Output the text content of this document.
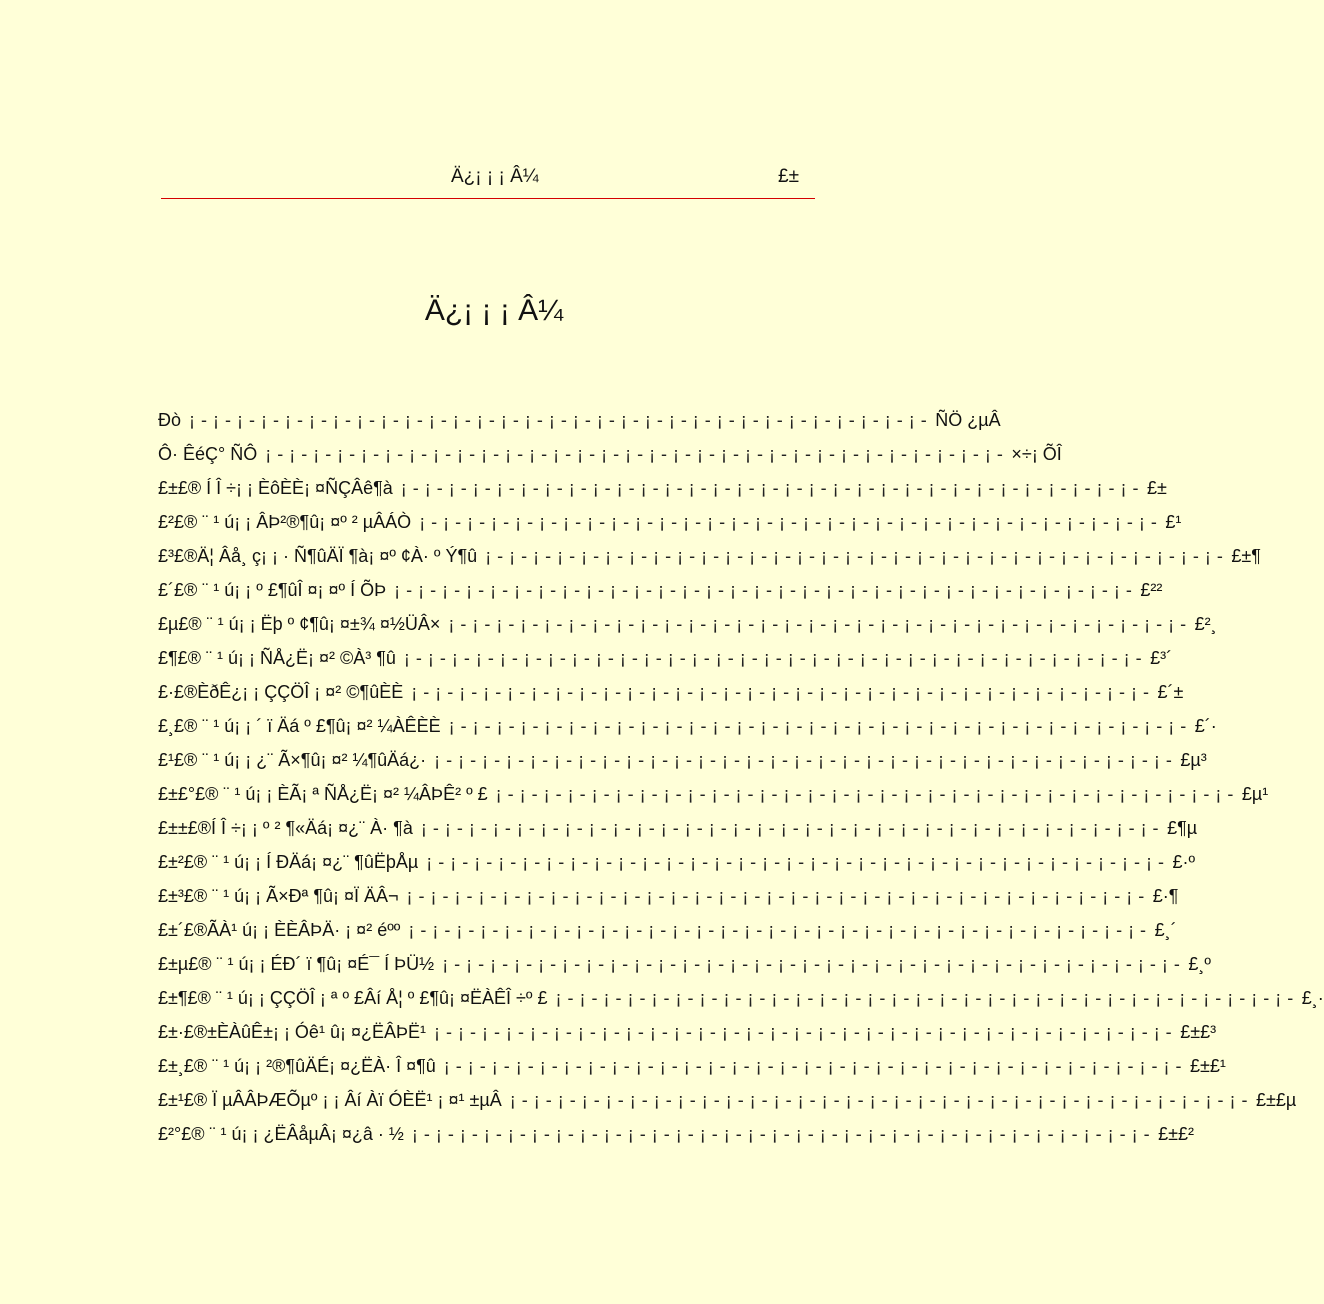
Ä¿¡ ¡ ¡ Â¼	£±
Ä¿¡ ¡ ¡ Â¼
Ðò ¡ - ¡ - ¡ - ¡ - ¡ - ¡ - ¡ - ¡ - ¡ - ¡ - ¡ - ¡ - ¡ - ¡ - ¡ - ¡ - ¡ - ¡ - ¡ - ¡ - ¡ - ¡ - ¡ - ¡ - ¡ - ¡ - ¡ - ¡ - ¡ - ¡ - ¡ - ÑÖ ¿µÂ
Ô· ÊéÇ° ÑÔ ¡ - ¡ - ¡ - ¡ - ¡ - ¡ - ¡ - ¡ - ¡ - ¡ - ¡ - ¡ - ¡ - ¡ - ¡ - ¡ - ¡ - ¡ - ¡ - ¡ - ¡ - ¡ - ¡ - ¡ - ¡ - ¡ - ¡ - ¡ - ¡ - ¡ - ¡ - ×÷¡ ÕÎ
£±£® Í Î ÷¡ ¡ ÈôÈÈ¡ ¤ÑÇÂê¶à ¡ - ¡ - ¡ - ¡ - ¡ - ¡ - ¡ - ¡ - ¡ - ¡ - ¡ - ¡ - ¡ - ¡ - ¡ - ¡ - ¡ - ¡ - ¡ - ¡ - ¡ - ¡ - ¡ - ¡ - ¡ - ¡ - ¡ - ¡ - ¡ - ¡ - ¡ - £±
£²£® ¨ ¹ ú¡ ¡ ÂÞ²®¶û¡ ¤º ² µÂÁÒ ¡ - ¡ - ¡ - ¡ - ¡ - ¡ - ¡ - ¡ - ¡ - ¡ - ¡ - ¡ - ¡ - ¡ - ¡ - ¡ - ¡ - ¡ - ¡ - ¡ - ¡ - ¡ - ¡ - ¡ - ¡ - ¡ - ¡ - ¡ - ¡ - ¡ - ¡ - £¹
£³£®Ä¦ Âå¸ ç¡ ¡ · Ñ¶ûÄÏ ¶à¡ ¤º ¢À· º Ý¶û ¡ - ¡ - ¡ - ¡ - ¡ - ¡ - ¡ - ¡ - ¡ - ¡ - ¡ - ¡ - ¡ - ¡ - ¡ - ¡ - ¡ - ¡ - ¡ - ¡ - ¡ - ¡ - ¡ - ¡ - ¡ - ¡ - ¡ - ¡ - ¡ - ¡ - ¡ - £±¶
£´£® ¨ ¹ ú¡ ¡ º £¶ûÎ ¤¡ ¤º Í ÕÞ ¡ - ¡ - ¡ - ¡ - ¡ - ¡ - ¡ - ¡ - ¡ - ¡ - ¡ - ¡ - ¡ - ¡ - ¡ - ¡ - ¡ - ¡ - ¡ - ¡ - ¡ - ¡ - ¡ - ¡ - ¡ - ¡ - ¡ - ¡ - ¡ - ¡ - ¡ - £²²
£µ£® ¨ ¹ ú¡ ¡ Ëþ º ¢¶û¡ ¤±¾ ¤½ÜÂ× ¡ - ¡ - ¡ - ¡ - ¡ - ¡ - ¡ - ¡ - ¡ - ¡ - ¡ - ¡ - ¡ - ¡ - ¡ - ¡ - ¡ - ¡ - ¡ - ¡ - ¡ - ¡ - ¡ - ¡ - ¡ - ¡ - ¡ - ¡ - ¡ - ¡ - ¡ - £²¸
£¶£® ¨ ¹ ú¡ ¡ ÑÅ¿Ë¡ ¤² ©À³ ¶û ¡ - ¡ - ¡ - ¡ - ¡ - ¡ - ¡ - ¡ - ¡ - ¡ - ¡ - ¡ - ¡ - ¡ - ¡ - ¡ - ¡ - ¡ - ¡ - ¡ - ¡ - ¡ - ¡ - ¡ - ¡ - ¡ - ¡ - ¡ - ¡ - ¡ - ¡ - £³´
£·£®ÈðÊ¿¡ ¡ ÇÇÖÎ ¡ ¤² ©¶ûÈÈ ¡ - ¡ - ¡ - ¡ - ¡ - ¡ - ¡ - ¡ - ¡ - ¡ - ¡ - ¡ - ¡ - ¡ - ¡ - ¡ - ¡ - ¡ - ¡ - ¡ - ¡ - ¡ - ¡ - ¡ - ¡ - ¡ - ¡ - ¡ - ¡ - ¡ - ¡ - £´±
£¸£® ¨ ¹ ú¡ ¡ ´ ï Äá º £¶û¡ ¤² ¼ÀÊÈÈ ¡ - ¡ - ¡ - ¡ - ¡ - ¡ - ¡ - ¡ - ¡ - ¡ - ¡ - ¡ - ¡ - ¡ - ¡ - ¡ - ¡ - ¡ - ¡ - ¡ - ¡ - ¡ - ¡ - ¡ - ¡ - ¡ - ¡ - ¡ - ¡ - ¡ - ¡ - £´·
£¹£® ¨ ¹ ú¡ ¡ ¿¨ Ã×¶û¡ ¤² ¼¶ûÄá¿· ¡ - ¡ - ¡ - ¡ - ¡ - ¡ - ¡ - ¡ - ¡ - ¡ - ¡ - ¡ - ¡ - ¡ - ¡ - ¡ - ¡ - ¡ - ¡ - ¡ - ¡ - ¡ - ¡ - ¡ - ¡ - ¡ - ¡ - ¡ - ¡ - ¡ - ¡ - £µ³
£±£°£® ¨ ¹ ú¡ ¡ ÈÃ¡ ª ÑÅ¿Ë¡ ¤² ¼ÂÞÊ² º £ ¡ - ¡ - ¡ - ¡ - ¡ - ¡ - ¡ - ¡ - ¡ - ¡ - ¡ - ¡ - ¡ - ¡ - ¡ - ¡ - ¡ - ¡ - ¡ - ¡ - ¡ - ¡ - ¡ - ¡ - ¡ - ¡ - ¡ - ¡ - ¡ - ¡ - ¡ - £µ¹
£±±£®Í Î ÷¡ ¡ º ² ¶«Äá¡ ¤¿¨ À· ¶à ¡ - ¡ - ¡ - ¡ - ¡ - ¡ - ¡ - ¡ - ¡ - ¡ - ¡ - ¡ - ¡ - ¡ - ¡ - ¡ - ¡ - ¡ - ¡ - ¡ - ¡ - ¡ - ¡ - ¡ - ¡ - ¡ - ¡ - ¡ - ¡ - ¡ - ¡ - £¶µ
£±²£® ¨ ¹ ú¡ ¡ Í ÐÄá¡ ¤¿¨ ¶ûËþÅµ ¡ - ¡ - ¡ - ¡ - ¡ - ¡ - ¡ - ¡ - ¡ - ¡ - ¡ - ¡ - ¡ - ¡ - ¡ - ¡ - ¡ - ¡ - ¡ - ¡ - ¡ - ¡ - ¡ - ¡ - ¡ - ¡ - ¡ - ¡ - ¡ - ¡ - ¡ - £·º
£±³£® ¨ ¹ ú¡ ¡ Ã×Ðª ¶û¡ ¤Ï ÄÂ¬ ¡ - ¡ - ¡ - ¡ - ¡ - ¡ - ¡ - ¡ - ¡ - ¡ - ¡ - ¡ - ¡ - ¡ - ¡ - ¡ - ¡ - ¡ - ¡ - ¡ - ¡ - ¡ - ¡ - ¡ - ¡ - ¡ - ¡ - ¡ - ¡ - ¡ - ¡ - £·¶
£±´£®ÃÀ¹ ú¡ ¡ ÈÈÂÞÄ· ¡ ¤² éºº ¡ - ¡ - ¡ - ¡ - ¡ - ¡ - ¡ - ¡ - ¡ - ¡ - ¡ - ¡ - ¡ - ¡ - ¡ - ¡ - ¡ - ¡ - ¡ - ¡ - ¡ - ¡ - ¡ - ¡ - ¡ - ¡ - ¡ - ¡ - ¡ - ¡ - ¡ - £¸´
£±µ£® ¨ ¹ ú¡ ¡ ÉÐ´ ï ¶û¡ ¤É¯ Í ÞÜ½ ¡ - ¡ - ¡ - ¡ - ¡ - ¡ - ¡ - ¡ - ¡ - ¡ - ¡ - ¡ - ¡ - ¡ - ¡ - ¡ - ¡ - ¡ - ¡ - ¡ - ¡ - ¡ - ¡ - ¡ - ¡ - ¡ - ¡ - ¡ - ¡ - ¡ - ¡ - £¸º
£±¶£® ¨ ¹ ú¡ ¡ ÇÇÖÎ ¡ ª º £Âí Å¦ º £¶û¡ ¤ËÀÊÎ ÷º £ ¡ - ¡ - ¡ - ¡ - ¡ - ¡ - ¡ - ¡ - ¡ - ¡ - ¡ - ¡ - ¡ - ¡ - ¡ - ¡ - ¡ - ¡ - ¡ - ¡ - ¡ - ¡ - ¡ - ¡ - ¡ - ¡ - ¡ - ¡ - ¡ - ¡ - ¡ - £¸·
£±·£®±ÈÀûÊ±¡ ¡ Óê¹ û¡ ¤¿ËÂÞË¹ ¡ - ¡ - ¡ - ¡ - ¡ - ¡ - ¡ - ¡ - ¡ - ¡ - ¡ - ¡ - ¡ - ¡ - ¡ - ¡ - ¡ - ¡ - ¡ - ¡ - ¡ - ¡ - ¡ - ¡ - ¡ - ¡ - ¡ - ¡ - ¡ - ¡ - ¡ - £±£³
£±¸£® ¨ ¹ ú¡ ¡ ²®¶ûÄÉ¡ ¤¿ËÀ· Î ¤¶û ¡ - ¡ - ¡ - ¡ - ¡ - ¡ - ¡ - ¡ - ¡ - ¡ - ¡ - ¡ - ¡ - ¡ - ¡ - ¡ - ¡ - ¡ - ¡ - ¡ - ¡ - ¡ - ¡ - ¡ - ¡ - ¡ - ¡ - ¡ - ¡ - ¡ - ¡ - £±£¹
£±¹£® Ï µÂÂÞÆÕµº ¡ ¡ Âí Àï ÓÈË¹ ¡ ¤¹ ±µÂ ¡ - ¡ - ¡ - ¡ - ¡ - ¡ - ¡ - ¡ - ¡ - ¡ - ¡ - ¡ - ¡ - ¡ - ¡ - ¡ - ¡ - ¡ - ¡ - ¡ - ¡ - ¡ - ¡ - ¡ - ¡ - ¡ - ¡ - ¡ - ¡ - ¡ - ¡ - £±£µ
£²°£® ¨ ¹ ú¡ ¡ ¿ËÂåµÂ¡ ¤¿â · ½ ¡ - ¡ - ¡ - ¡ - ¡ - ¡ - ¡ - ¡ - ¡ - ¡ - ¡ - ¡ - ¡ - ¡ - ¡ - ¡ - ¡ - ¡ - ¡ - ¡ - ¡ - ¡ - ¡ - ¡ - ¡ - ¡ - ¡ - ¡ - ¡ - ¡ - ¡ - £±£²
